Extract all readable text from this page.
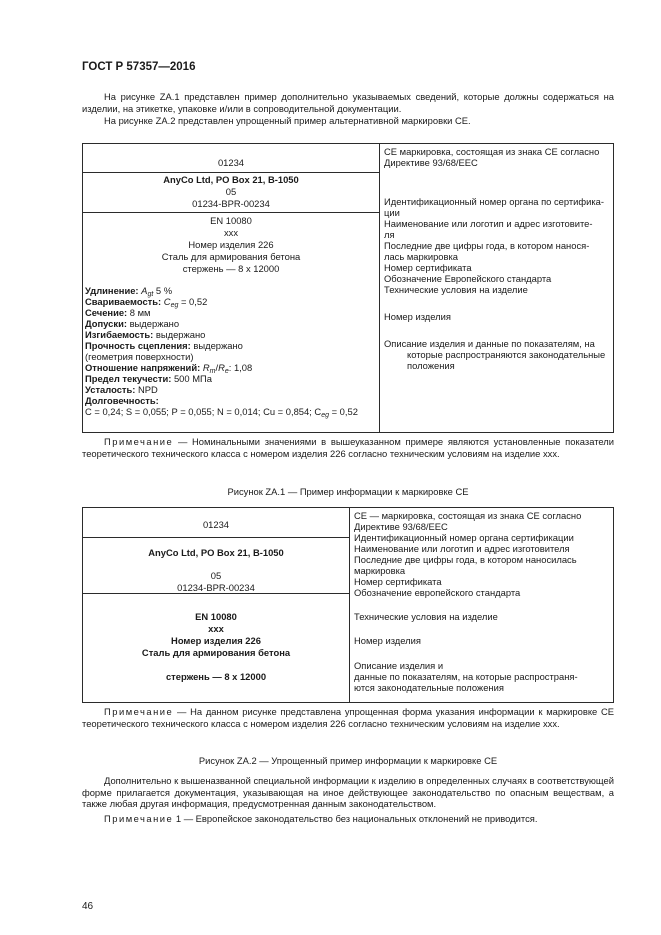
ГОСТ Р 57357—2016
На рисунке ZA.1 представлен пример дополнительно указываемых сведений, которые должны содержаться на изделии, на этикетке, упаковке и/или в сопроводительной документации.
На рисунке ZA.2 представлен упрощенный пример альтернативной маркировки CE.
01234
AnyCo Ltd, PO Box 21, B-1050
05
01234-BPR-00234
EN 10080
xxx
Номер изделия 226
Сталь для армирования бетона
стержень — 8 х 12000
Удлинение: $A_{gt}$ 5 %
Свариваемость: $C_{eg} = 0,52$
Сечение: 8 мм
Допуски: выдержано
Изгибаемость: выдержано
Прочность сцепления: выдержано
(геометрия поверхности)
Отношение напряжений: $R_m/R_e$: 1,08
Предел текучести: 500 МПа
Усталость: NPD
Долговечность:
C = 0,24; S = 0,055; P = 0,055; N = 0,014; Cu = 0,854; $C_{eg} = 0,52$
CE маркировка, состоящая из знака CE согласно
Директиве 93/68/EEC
Идентификационный номер органа по сертифика-
ции
Наименование или логотип и адрес изготовите-
ля
Последние две цифры года, в котором нанося-
лась маркировка
Номер сертификата
Обозначение Европейского стандарта
Технические условия на изделие
Номер изделия
Описание изделия и данные по показателям, на
которые распространяются законодательные
положения
Примечание — Номинальными значениями в вышеуказанном примере являются установленные показатели теоретического технического класса с номером изделия 226 согласно техническим условиям на изделие xxx.
Рисунок ZA.1 — Пример информации к маркировке CE
01234
AnyCo Ltd, PO Box 21, B-1050
05
01234-BPR-00234
EN 10080
xxx
Номер изделия 226
Сталь для армирования бетона
стержень — 8 х 12000
CE — маркировка, состоящая из знака CE согласно
Директиве 93/68/EEC
Идентификационный номер органа сертификации
Наименование или логотип и адрес изготовителя
Последние две цифры года, в котором наносилась
маркировка
Номер сертификата
Обозначение европейского стандарта
Технические условия на изделие
Номер изделия
Описание изделия и
данные по показателям, на которые распространя-
ются законодательные положения
Примечание — На данном рисунке представлена упрощенная форма указания информации к маркировке CE теоретического технического класса с номером изделия 226 согласно техническим условиям на изделие xxx.
Рисунок ZA.2 — Упрощенный пример информации к маркировке CE
Дополнительно к вышеназванной специальной информации к изделию в определенных случаях в соответствующей форме прилагается документация, указывающая на иное действующее законодательство по опасным веществам, а также любая другая информация, предусмотренная данным законодательством.
Примечание 1 — Европейское законодательство без национальных отклонений не приводится.
46
